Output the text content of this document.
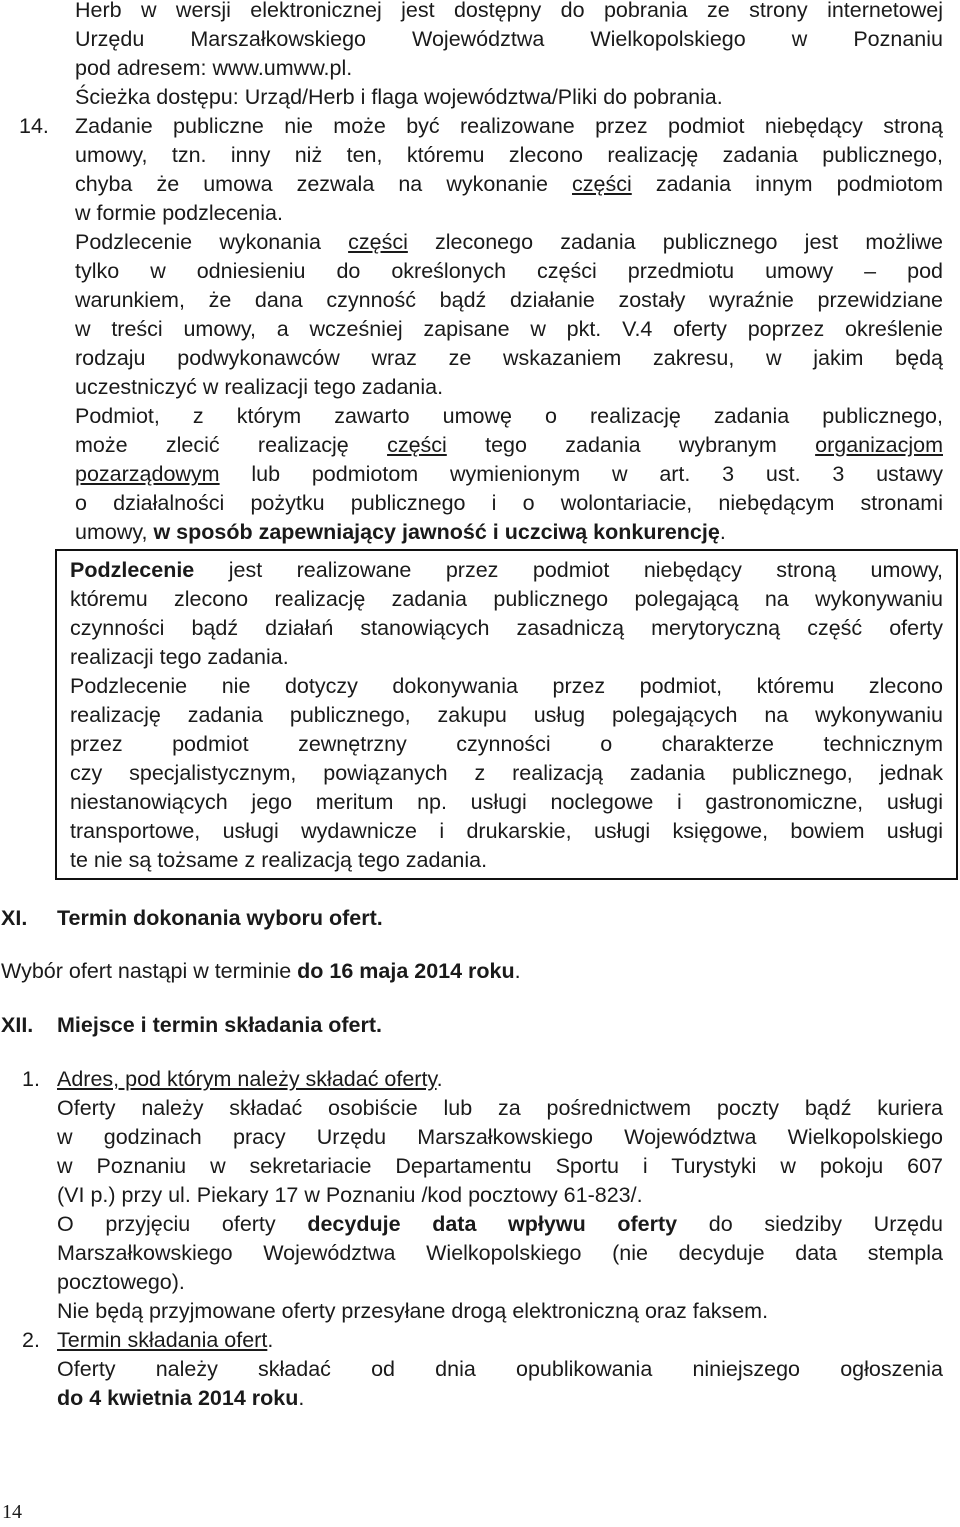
Herb w wersji elektronicznej jest dostępny do pobrania ze strony internetowej
Urzędu Marszałkowskiego Województwa Wielkopolskiego w Poznaniu
pod adresem: www.umww.pl.
Ścieżka dostępu: Urząd/Herb i flaga województwa/Pliki do pobrania.
14. Zadanie publiczne nie może być realizowane przez podmiot niebędący stroną
umowy, tzn. inny niż ten, któremu zlecono realizację zadania publicznego,
chyba że umowa zezwala na wykonanie części zadania innym podmiotom
w formie podzlecenia.
Podzlecenie wykonania części zleconego zadania publicznego jest możliwe
tylko w odniesieniu do określonych części przedmiotu umowy – pod
warunkiem, że dana czynność bądź działanie zostały wyraźnie przewidziane
w treści umowy, a wcześniej zapisane w pkt. V.4 oferty poprzez określenie
rodzaju podwykonawców wraz ze wskazaniem zakresu, w jakim będą
uczestniczyć w realizacji tego zadania.
Podmiot, z którym zawarto umowę o realizację zadania publicznego,
może zlecić realizację części tego zadania wybranym organizacjom
pozarządowym lub podmiotom wymienionym w art. 3 ust. 3 ustawy
o działalności pożytku publicznego i o wolontariacie, niebędącym stronami
umowy, w sposób zapewniający jawność i uczciwą konkurencję.
Podzlecenie jest realizowane przez podmiot niebędący stroną umowy,
któremu zlecono realizację zadania publicznego polegającą na wykonywaniu
czynności bądź działań stanowiących zasadniczą merytoryczną część oferty
realizacji tego zadania.
Podzlecenie nie dotyczy dokonywania przez podmiot, któremu zlecono
realizację zadania publicznego, zakupu usług polegających na wykonywaniu
przez podmiot zewnętrzny czynności o charakterze technicznym
czy specjalistycznym, powiązanych z realizacją zadania publicznego, jednak
niestanowiących jego meritum np. usługi noclegowe i gastronomiczne, usługi
transportowe, usługi wydawnicze i drukarskie, usługi księgowe, bowiem usługi
te nie są tożsame z realizacją tego zadania.
XI. Termin dokonania wyboru ofert.
Wybór ofert nastąpi w terminie do 16 maja 2014 roku.
XII. Miejsce i termin składania ofert.
1. Adres, pod którym należy składać oferty.
Oferty należy składać osobiście lub za pośrednictwem poczty bądź kuriera
w godzinach pracy Urzędu Marszałkowskiego Województwa Wielkopolskiego
w Poznaniu w sekretariacie Departamentu Sportu i Turystyki w pokoju 607
(VI p.) przy ul. Piekary 17 w Poznaniu /kod pocztowy 61-823/.
O przyjęciu oferty decyduje data wpływu oferty do siedziby Urzędu
Marszałkowskiego Województwa Wielkopolskiego (nie decyduje data stempla
pocztowego).
Nie będą przyjmowane oferty przesyłane drogą elektroniczną oraz faksem.
2. Termin składania ofert.
Oferty należy składać od dnia opublikowania niniejszego ogłoszenia
do 4 kwietnia 2014 roku.
14
